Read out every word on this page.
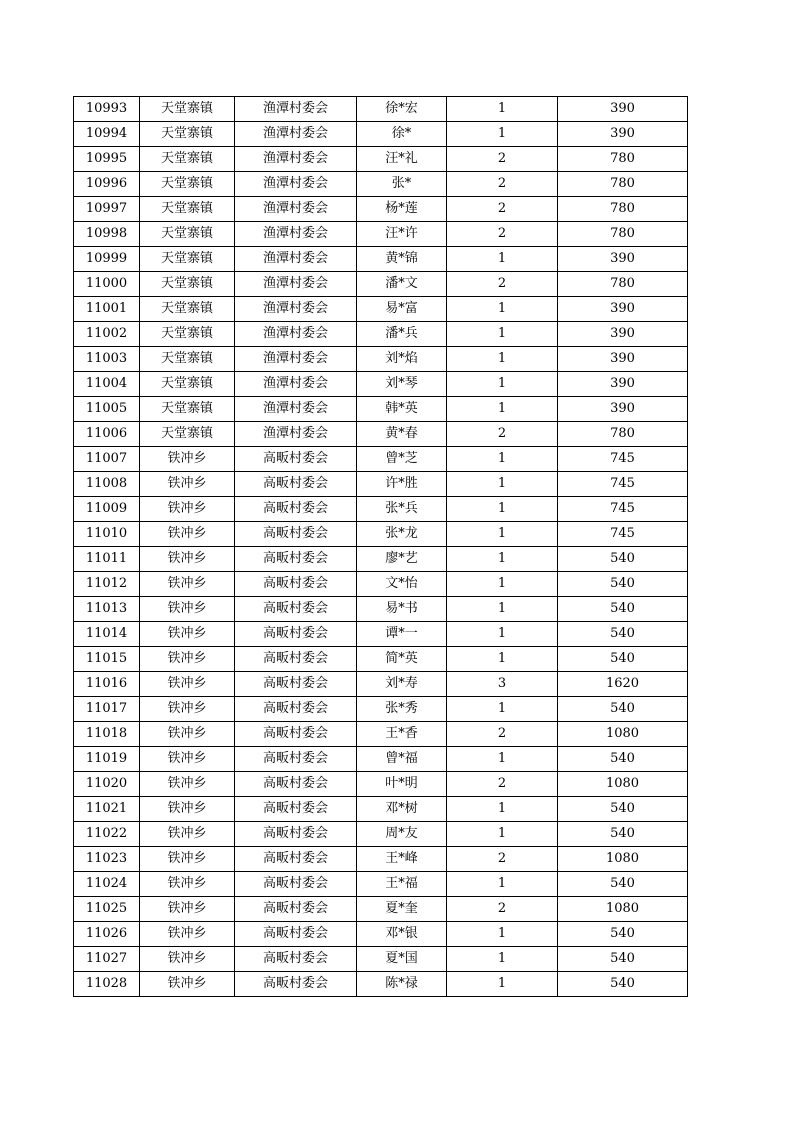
10993	天堂寨镇	渔潭村委会	徐*宏	1	390
10994	天堂寨镇	渔潭村委会	徐*	1	390
10995	天堂寨镇	渔潭村委会	汪*礼	2	780
10996	天堂寨镇	渔潭村委会	张*	2	780
10997	天堂寨镇	渔潭村委会	杨*莲	2	780
10998	天堂寨镇	渔潭村委会	汪*许	2	780
10999	天堂寨镇	渔潭村委会	黄*锦	1	390
11000	天堂寨镇	渔潭村委会	潘*文	2	780
11001	天堂寨镇	渔潭村委会	易*富	1	390
11002	天堂寨镇	渔潭村委会	潘*兵	1	390
11003	天堂寨镇	渔潭村委会	刘*焰	1	390
11004	天堂寨镇	渔潭村委会	刘*琴	1	390
11005	天堂寨镇	渔潭村委会	韩*英	1	390
11006	天堂寨镇	渔潭村委会	黄*春	2	780
11007	铁冲乡	高畈村委会	曾*芝	1	745
11008	铁冲乡	高畈村委会	许*胜	1	745
11009	铁冲乡	高畈村委会	张*兵	1	745
11010	铁冲乡	高畈村委会	张*龙	1	745
11011	铁冲乡	高畈村委会	廖*艺	1	540
11012	铁冲乡	高畈村委会	文*怡	1	540
11013	铁冲乡	高畈村委会	易*书	1	540
11014	铁冲乡	高畈村委会	谭*一	1	540
11015	铁冲乡	高畈村委会	简*英	1	540
11016	铁冲乡	高畈村委会	刘*寿	3	1620
11017	铁冲乡	高畈村委会	张*秀	1	540
11018	铁冲乡	高畈村委会	王*香	2	1080
11019	铁冲乡	高畈村委会	曾*福	1	540
11020	铁冲乡	高畈村委会	叶*明	2	1080
11021	铁冲乡	高畈村委会	邓*树	1	540
11022	铁冲乡	高畈村委会	周*友	1	540
11023	铁冲乡	高畈村委会	王*峰	2	1080
11024	铁冲乡	高畈村委会	王*福	1	540
11025	铁冲乡	高畈村委会	夏*奎	2	1080
11026	铁冲乡	高畈村委会	邓*银	1	540
11027	铁冲乡	高畈村委会	夏*国	1	540
11028	铁冲乡	高畈村委会	陈*禄	1	540
